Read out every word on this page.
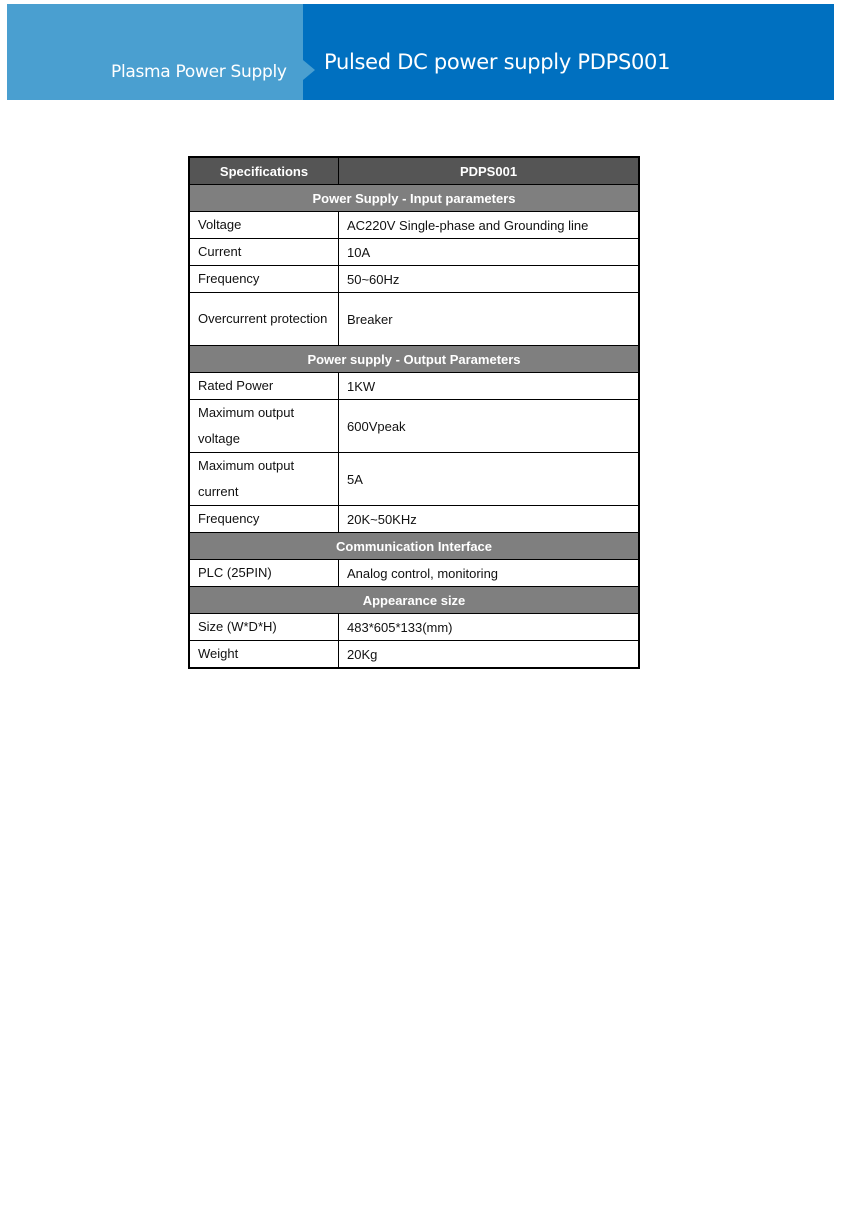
Plasma Power Supply Pulsed DC power supply PDPS001
Specifications	PDPS001
Power Supply - Input parameters	
Voltage	AC220V Single-phase and Grounding line
Current	10A
Frequency	50~60Hz
Overcurrent protection	Breaker
Power supply - Output Parameters	
Rated Power	1KW
Maximum output voltage	600Vpeak
Maximum output current	5A
Frequency	20K~50KHz
Communication Interface	
PLC (25PIN)	Analog control, monitoring
Appearance size	
Size (W*D*H)	483*605*133(mm)
Weight	20Kg
